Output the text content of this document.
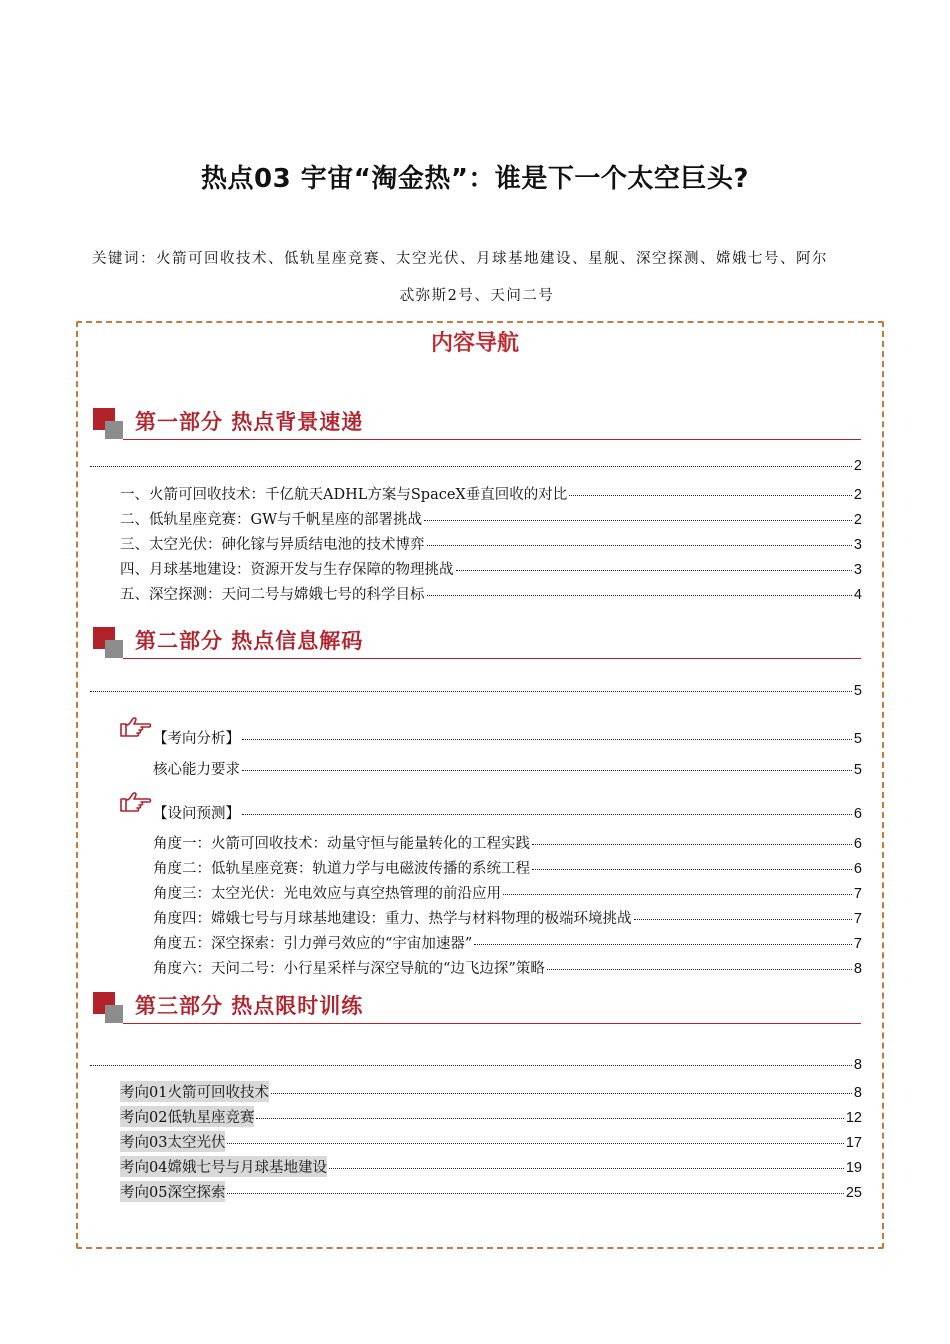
热点03 宇宙“淘金热”：谁是下一个太空巨头?
关键词：火箭可回收技术、低轨星座竞赛、太空光伏、月球基地建设、星舰、深空探测、嫦娥七号、阿尔
忒弥斯2号、天问二号
内容导航
第一部分 热点背景速递
2
一、火箭可回收技术：千亿航天ADHL方案与SpaceX垂直回收的对比	2
二、低轨星座竞赛：GW与千帆星座的部署挑战	2
三、太空光伏：砷化镓与异质结电池的技术博弈	3
四、月球基地建设：资源开发与生存保障的物理挑战	3
五、深空探测：天问二号与嫦娥七号的科学目标	4
第二部分 热点信息解码
5
【考向分析】	5
核心能力要求	5
【设问预测】	6
角度一：火箭可回收技术：动量守恒与能量转化的工程实践	6
角度二：低轨星座竞赛：轨道力学与电磁波传播的系统工程	6
角度三：太空光伏：光电效应与真空热管理的前沿应用	7
角度四：嫦娥七号与月球基地建设：重力、热学与材料物理的极端环境挑战	7
角度五：深空探索：引力弹弓效应的“宇宙加速器”	7
角度六：天问二号：小行星采样与深空导航的“边飞边探”策略	8
第三部分 热点限时训练
8
考向01火箭可回收技术	8
考向02低轨星座竞赛	12
考向03太空光伏	17
考向04嫦娥七号与月球基地建设	19
考向05深空探索	25
